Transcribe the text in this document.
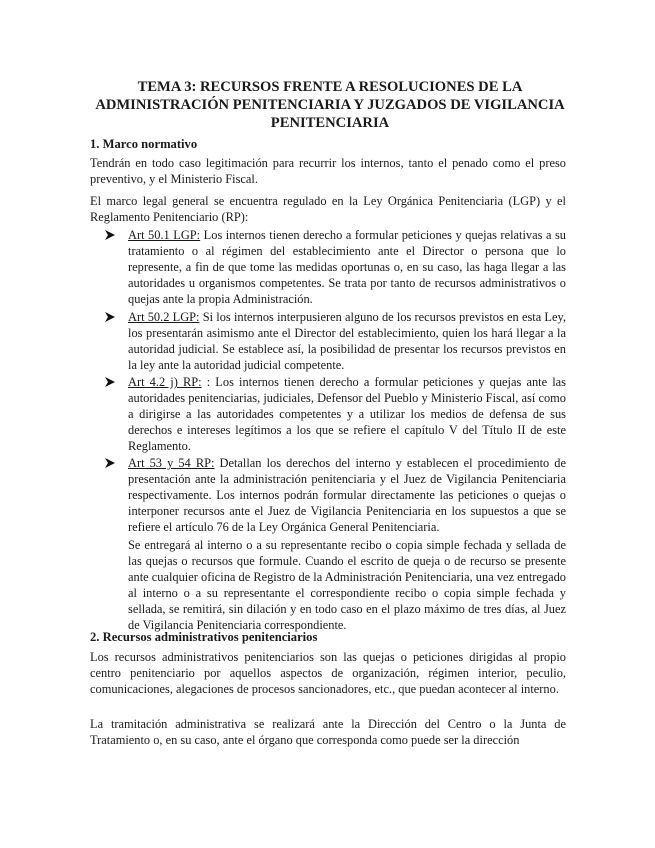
TEMA 3: RECURSOS FRENTE A RESOLUCIONES DE LA ADMINISTRACIÓN PENITENCIARIA Y JUZGADOS DE VIGILANCIA PENITENCIARIA
1. Marco normativo
Tendrán en todo caso legitimación para recurrir los internos, tanto el penado como el preso preventivo, y el Ministerio Fiscal.
El marco legal general se encuentra regulado en la Ley Orgánica Penitenciaria (LGP) y el Reglamento Penitenciario (RP):
Art 50.1 LGP: Los internos tienen derecho a formular peticiones y quejas relativas a su tratamiento o al régimen del establecimiento ante el Director o persona que lo represente, a fin de que tome las medidas oportunas o, en su caso, las haga llegar a las autoridades u organismos competentes. Se trata por tanto de recursos administrativos o quejas ante la propia Administración.
Art 50.2 LGP: Si los internos interpusieren alguno de los recursos previstos en esta Ley, los presentarán asimismo ante el Director del establecimiento, quien los hará llegar a la autoridad judicial. Se establece así, la posibilidad de presentar los recursos previstos en la ley ante la autoridad judicial competente.
Art 4.2 j) RP: : Los internos tienen derecho a formular peticiones y quejas ante las autoridades penitenciarias, judiciales, Defensor del Pueblo y Ministerio Fiscal, así como a dirigirse a las autoridades competentes y a utilizar los medios de defensa de sus derechos e intereses legítimos a los que se refiere el capítulo V del Título II de este Reglamento.
Art 53 y 54 RP: Detallan los derechos del interno y establecen el procedimiento de presentación ante la administración penitenciaria y el Juez de Vigilancia Penitenciaria respectivamente. Los internos podrán formular directamente las peticiones o quejas o interponer recursos ante el Juez de Vigilancia Penitenciaria en los supuestos a que se refiere el artículo 76 de la Ley Orgánica General Penitenciaria.
Se entregará al interno o a su representante recibo o copia simple fechada y sellada de las quejas o recursos que formule. Cuando el escrito de queja o de recurso se presente ante cualquier oficina de Registro de la Administración Penitenciaria, una vez entregado al interno o a su representante el correspondiente recibo o copia simple fechada y sellada, se remitirá, sin dilación y en todo caso en el plazo máximo de tres días, al Juez de Vigilancia Penitenciaria correspondiente.
2. Recursos administrativos penitenciarios
Los recursos administrativos penitenciarios son las quejas o peticiones dirigidas al propio centro penitenciario por aquellos aspectos de organización, régimen interior, peculio, comunicaciones, alegaciones de procesos sancionadores, etc., que puedan acontecer al interno.
La tramitación administrativa se realizará ante la Dirección del Centro o la Junta de Tratamiento o, en su caso, ante el órgano que corresponda como puede ser la dirección
